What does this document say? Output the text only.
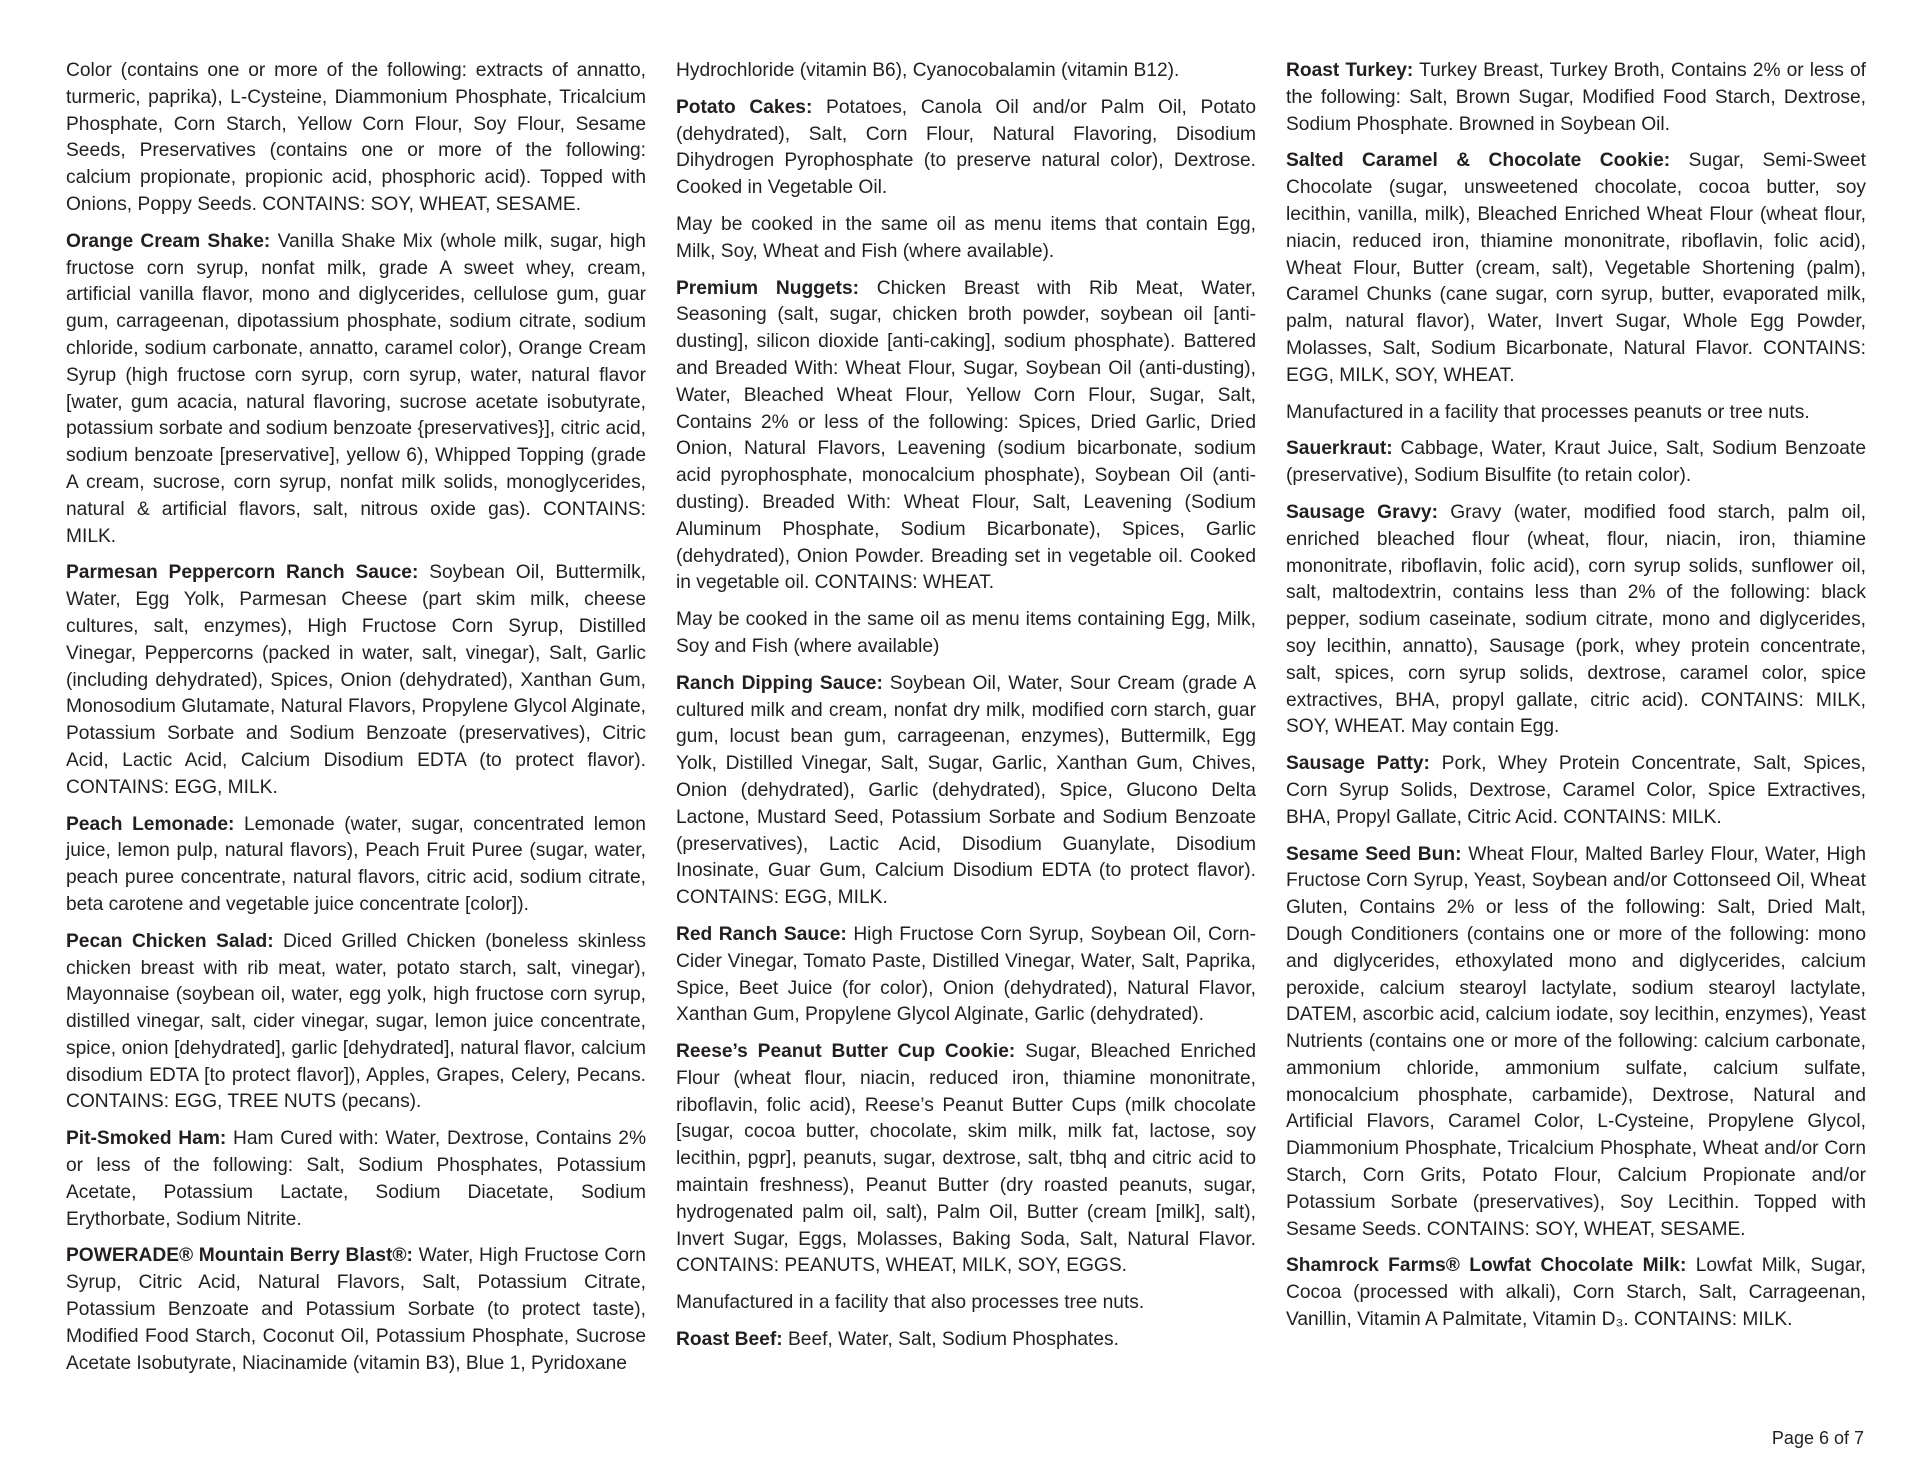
Color (contains one or more of the following: extracts of annatto, turmeric, paprika), L-Cysteine, Diammonium Phosphate, Tricalcium Phosphate, Corn Starch, Yellow Corn Flour, Soy Flour, Sesame Seeds, Preservatives (contains one or more of the following: calcium propionate, propionic acid, phosphoric acid). Topped with Onions, Poppy Seeds. CONTAINS: SOY, WHEAT, SESAME.

Orange Cream Shake: Vanilla Shake Mix (whole milk, sugar, high fructose corn syrup, nonfat milk, grade A sweet whey, cream, artificial vanilla flavor, mono and diglycerides, cellulose gum, guar gum, carrageenan, dipotassium phosphate, sodium citrate, sodium chloride, sodium carbonate, annatto, caramel color), Orange Cream Syrup (high fructose corn syrup, corn syrup, water, natural flavor [water, gum acacia, natural flavoring, sucrose acetate isobutyrate, potassium sorbate and sodium benzoate {preservatives}], citric acid, sodium benzoate [preservative], yellow 6), Whipped Topping (grade A cream, sucrose, corn syrup, nonfat milk solids, monoglycerides, natural & artificial flavors, salt, nitrous oxide gas). CONTAINS: MILK.

Parmesan Peppercorn Ranch Sauce: Soybean Oil, Buttermilk, Water, Egg Yolk, Parmesan Cheese (part skim milk, cheese cultures, salt, enzymes), High Fructose Corn Syrup, Distilled Vinegar, Peppercorns (packed in water, salt, vinegar), Salt, Garlic (including dehydrated), Spices, Onion (dehydrated), Xanthan Gum, Monosodium Glutamate, Natural Flavors, Propylene Glycol Alginate, Potassium Sorbate and Sodium Benzoate (preservatives), Citric Acid, Lactic Acid, Calcium Disodium EDTA (to protect flavor). CONTAINS: EGG, MILK.

Peach Lemonade: Lemonade (water, sugar, concentrated lemon juice, lemon pulp, natural flavors), Peach Fruit Puree (sugar, water, peach puree concentrate, natural flavors, citric acid, sodium citrate, beta carotene and vegetable juice concentrate [color]).

Pecan Chicken Salad: Diced Grilled Chicken (boneless skinless chicken breast with rib meat, water, potato starch, salt, vinegar), Mayonnaise (soybean oil, water, egg yolk, high fructose corn syrup, distilled vinegar, salt, cider vinegar, sugar, lemon juice concentrate, spice, onion [dehydrated], garlic [dehydrated], natural flavor, calcium disodium EDTA [to protect flavor]), Apples, Grapes, Celery, Pecans. CONTAINS: EGG, TREE NUTS (pecans).

Pit-Smoked Ham: Ham Cured with: Water, Dextrose, Contains 2% or less of the following: Salt, Sodium Phosphates, Potassium Acetate, Potassium Lactate, Sodium Diacetate, Sodium Erythorbate, Sodium Nitrite.

POWERADE® Mountain Berry Blast®: Water, High Fructose Corn Syrup, Citric Acid, Natural Flavors, Salt, Potassium Citrate, Potassium Benzoate and Potassium Sorbate (to protect taste), Modified Food Starch, Coconut Oil, Potassium Phosphate, Sucrose Acetate Isobutyrate, Niacinamide (vitamin B3), Blue 1, Pyridoxane

Hydrochloride (vitamin B6), Cyanocobalamin (vitamin B12).

Potato Cakes: Potatoes, Canola Oil and/or Palm Oil, Potato (dehydrated), Salt, Corn Flour, Natural Flavoring, Disodium Dihydrogen Pyrophosphate (to preserve natural color), Dextrose. Cooked in Vegetable Oil.

May be cooked in the same oil as menu items that contain Egg, Milk, Soy, Wheat and Fish (where available).

Premium Nuggets: Chicken Breast with Rib Meat, Water, Seasoning (salt, sugar, chicken broth powder, soybean oil [anti-dusting], silicon dioxide [anti-caking], sodium phosphate). Battered and Breaded With: Wheat Flour, Sugar, Soybean Oil (anti-dusting), Water, Bleached Wheat Flour, Yellow Corn Flour, Sugar, Salt, Contains 2% or less of the following: Spices, Dried Garlic, Dried Onion, Natural Flavors, Leavening (sodium bicarbonate, sodium acid pyrophosphate, monocalcium phosphate), Soybean Oil (anti-dusting). Breaded With: Wheat Flour, Salt, Leavening (Sodium Aluminum Phosphate, Sodium Bicarbonate), Spices, Garlic (dehydrated), Onion Powder. Breading set in vegetable oil. Cooked in vegetable oil. CONTAINS: WHEAT.

May be cooked in the same oil as menu items containing Egg, Milk, Soy and Fish (where available)

Ranch Dipping Sauce: Soybean Oil, Water, Sour Cream (grade A cultured milk and cream, nonfat dry milk, modified corn starch, guar gum, locust bean gum, carrageenan, enzymes), Buttermilk, Egg Yolk, Distilled Vinegar, Salt, Sugar, Garlic, Xanthan Gum, Chives, Onion (dehydrated), Garlic (dehydrated), Spice, Glucono Delta Lactone, Mustard Seed, Potassium Sorbate and Sodium Benzoate (preservatives), Lactic Acid, Disodium Guanylate, Disodium Inosinate, Guar Gum, Calcium Disodium EDTA (to protect flavor). CONTAINS: EGG, MILK.

Red Ranch Sauce: High Fructose Corn Syrup, Soybean Oil, Corn-Cider Vinegar, Tomato Paste, Distilled Vinegar, Water, Salt, Paprika, Spice, Beet Juice (for color), Onion (dehydrated), Natural Flavor, Xanthan Gum, Propylene Glycol Alginate, Garlic (dehydrated).

Reese’s Peanut Butter Cup Cookie: Sugar, Bleached Enriched Flour (wheat flour, niacin, reduced iron, thiamine mononitrate, riboflavin, folic acid), Reese’s Peanut Butter Cups (milk chocolate [sugar, cocoa butter, chocolate, skim milk, milk fat, lactose, soy lecithin, pgpr], peanuts, sugar, dextrose, salt, tbhq and citric acid to maintain freshness), Peanut Butter (dry roasted peanuts, sugar, hydrogenated palm oil, salt), Palm Oil, Butter (cream [milk], salt), Invert Sugar, Eggs, Molasses, Baking Soda, Salt, Natural Flavor. CONTAINS: PEANUTS, WHEAT, MILK, SOY, EGGS.

Manufactured in a facility that also processes tree nuts.

Roast Beef: Beef, Water, Salt, Sodium Phosphates.

Roast Turkey: Turkey Breast, Turkey Broth, Contains 2% or less of the following: Salt, Brown Sugar, Modified Food Starch, Dextrose, Sodium Phosphate. Browned in Soybean Oil.

Salted Caramel & Chocolate Cookie: Sugar, Semi-Sweet Chocolate (sugar, unsweetened chocolate, cocoa butter, soy lecithin, vanilla, milk), Bleached Enriched Wheat Flour (wheat flour, niacin, reduced iron, thiamine mononitrate, riboflavin, folic acid), Wheat Flour, Butter (cream, salt), Vegetable Shortening (palm), Caramel Chunks (cane sugar, corn syrup, butter, evaporated milk, palm, natural flavor), Water, Invert Sugar, Whole Egg Powder, Molasses, Salt, Sodium Bicarbonate, Natural Flavor. CONTAINS: EGG, MILK, SOY, WHEAT.

Manufactured in a facility that processes peanuts or tree nuts.

Sauerkraut: Cabbage, Water, Kraut Juice, Salt, Sodium Benzoate (preservative), Sodium Bisulfite (to retain color).

Sausage Gravy: Gravy (water, modified food starch, palm oil, enriched bleached flour (wheat, flour, niacin, iron, thiamine mononitrate, riboflavin, folic acid), corn syrup solids, sunflower oil, salt, maltodextrin, contains less than 2% of the following: black pepper, sodium caseinate, sodium citrate, mono and diglycerides, soy lecithin, annatto), Sausage (pork, whey protein concentrate, salt, spices, corn syrup solids, dextrose, caramel color, spice extractives, BHA, propyl gallate, citric acid). CONTAINS: MILK, SOY, WHEAT. May contain Egg.

Sausage Patty: Pork, Whey Protein Concentrate, Salt, Spices, Corn Syrup Solids, Dextrose, Caramel Color, Spice Extractives, BHA, Propyl Gallate, Citric Acid. CONTAINS: MILK.

Sesame Seed Bun: Wheat Flour, Malted Barley Flour, Water, High Fructose Corn Syrup, Yeast, Soybean and/or Cottonseed Oil, Wheat Gluten, Contains 2% or less of the following: Salt, Dried Malt, Dough Conditioners (contains one or more of the following: mono and diglycerides, ethoxylated mono and diglycerides, calcium peroxide, calcium stearoyl lactylate, sodium stearoyl lactylate, DATEM, ascorbic acid, calcium iodate, soy lecithin, enzymes), Yeast Nutrients (contains one or more of the following: calcium carbonate, ammonium chloride, ammonium sulfate, calcium sulfate, monocalcium phosphate, carbamide), Dextrose, Natural and Artificial Flavors, Caramel Color, L-Cysteine, Propylene Glycol, Diammonium Phosphate, Tricalcium Phosphate, Wheat and/or Corn Starch, Corn Grits, Potato Flour, Calcium Propionate and/or Potassium Sorbate (preservatives), Soy Lecithin. Topped with Sesame Seeds. CONTAINS: SOY, WHEAT, SESAME.

Shamrock Farms® Lowfat Chocolate Milk: Lowfat Milk, Sugar, Cocoa (processed with alkali), Corn Starch, Salt, Carrageenan, Vanillin, Vitamin A Palmitate, Vitamin D₃. CONTAINS: MILK.

Page 6 of 7
